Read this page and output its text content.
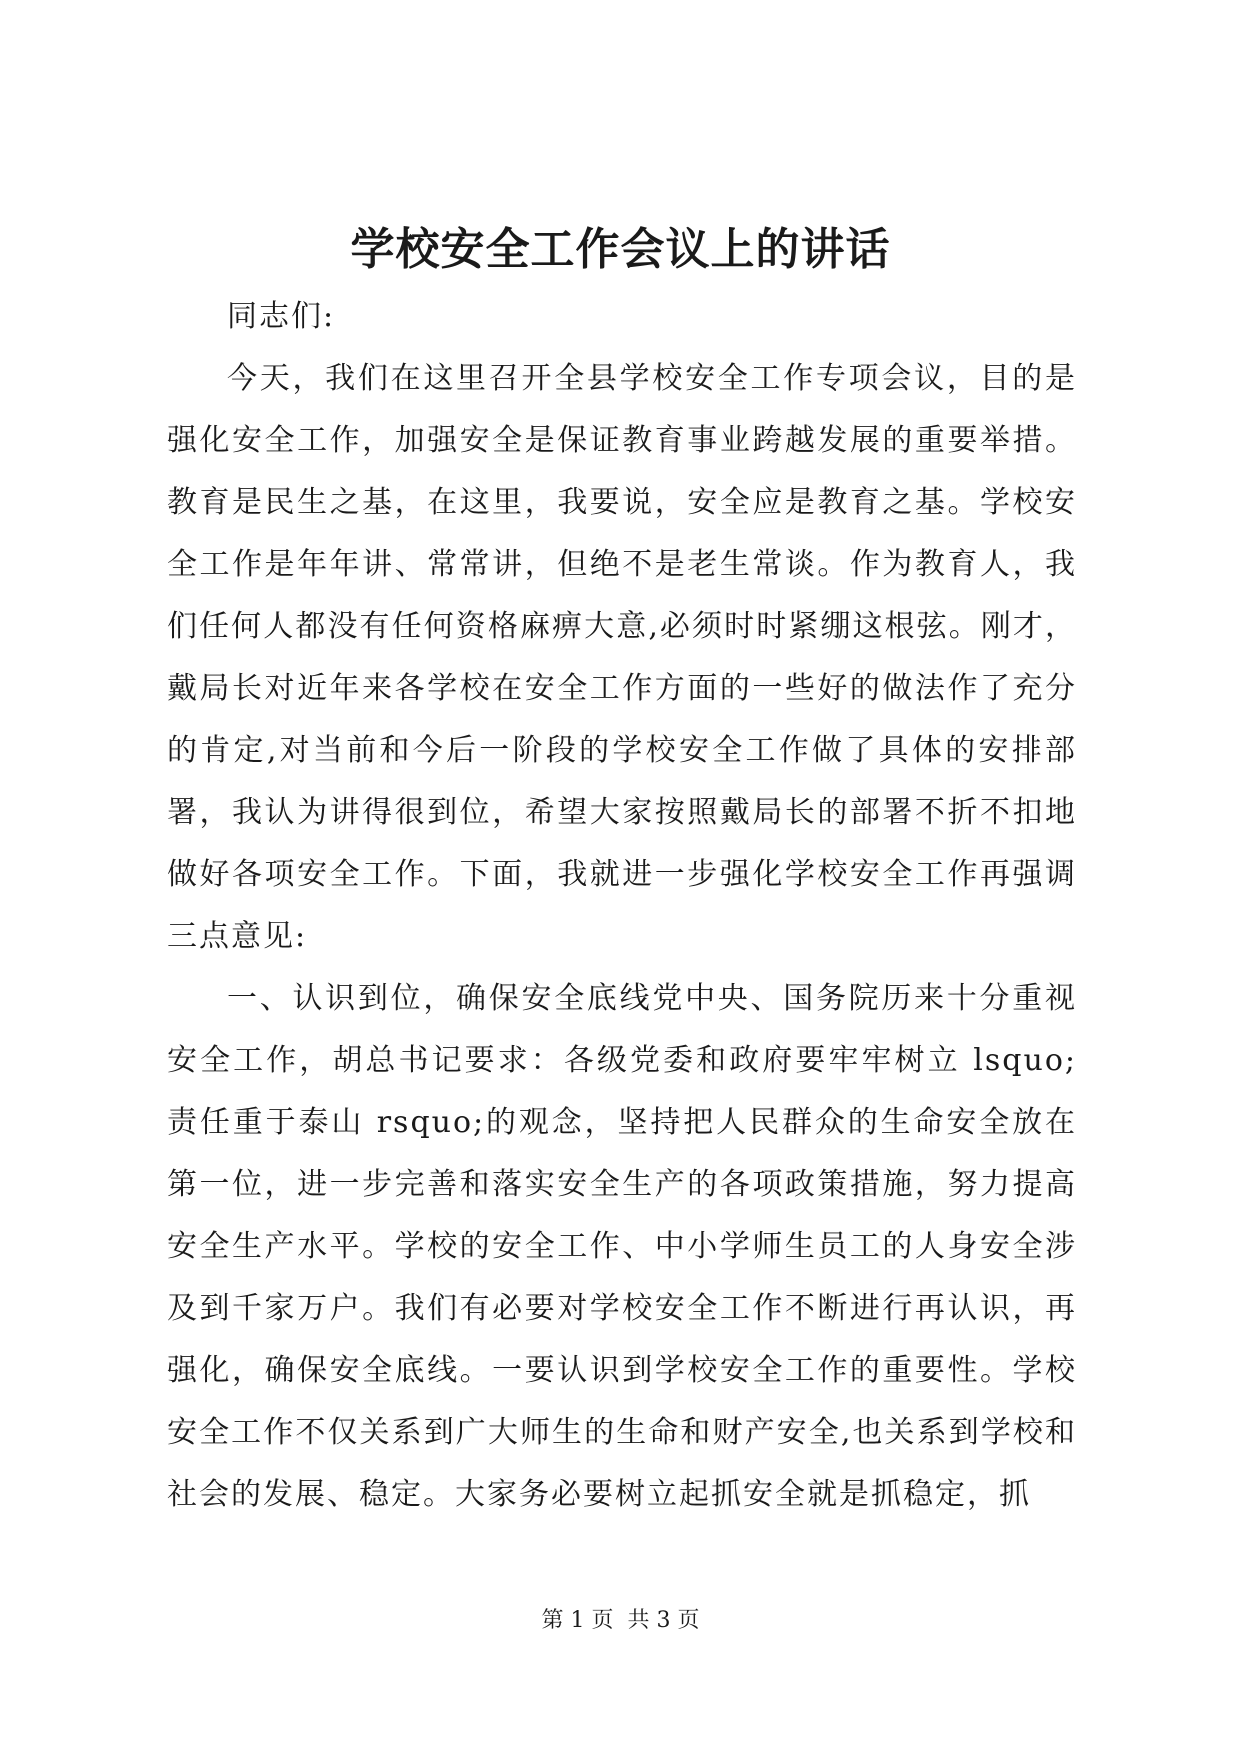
学校安全工作会议上的讲话

同志们:

今天，我们在这里召开全县学校安全工作专项会议，目的是强化安全工作，加强安全是保证教育事业跨越发展的重要举措。教育是民生之基，在这里，我要说，安全应是教育之基。学校安全工作是年年讲、常常讲，但绝不是老生常谈。作为教育人，我们任何人都没有任何资格麻痹大意,必须时时紧绷这根弦。刚才，戴局长对近年来各学校在安全工作方面的一些好的做法作了充分的肯定,对当前和今后一阶段的学校安全工作做了具体的安排部署，我认为讲得很到位，希望大家按照戴局长的部署不折不扣地做好各项安全工作。下面，我就进一步强化学校安全工作再强调三点意见:

一、认识到位，确保安全底线党中央、国务院历来十分重视安全工作，胡总书记要求：各级党委和政府要牢牢树立 lsquo;责任重于泰山 rsquo;的观念，坚持把人民群众的生命安全放在第一位，进一步完善和落实安全生产的各项政策措施，努力提高安全生产水平。学校的安全工作、中小学师生员工的人身安全涉及到千家万户。我们有必要对学校安全工作不断进行再认识，再强化，确保安全底线。一要认识到学校安全工作的重要性。学校安全工作不仅关系到广大师生的生命和财产安全,也关系到学校和社会的发展、稳定。大家务必要树立起抓安全就是抓稳定，抓

第 1 页 共 3 页
